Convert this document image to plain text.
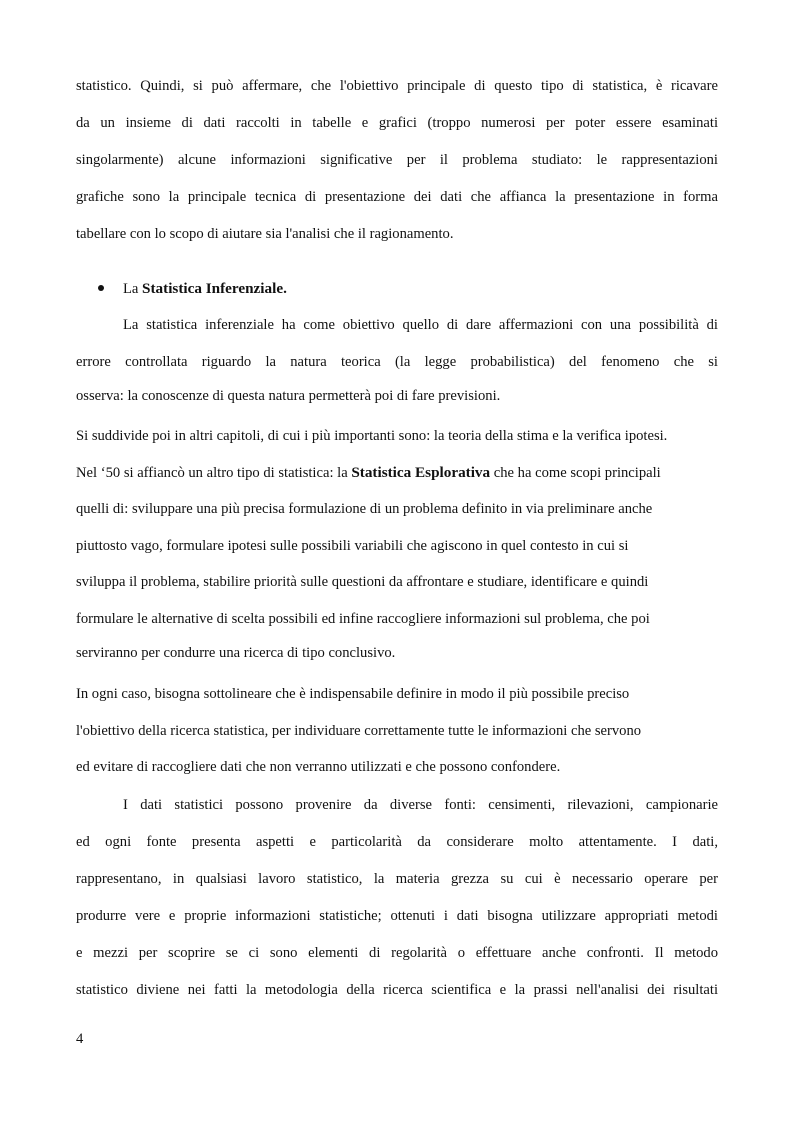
statistico. Quindi, si può affermare, che l'obiettivo principale di questo tipo di statistica, è ricavare
da un insieme di dati raccolti in tabelle e grafici (troppo numerosi per poter essere esaminati
singolarmente) alcune informazioni significative per il problema studiato: le rappresentazioni
grafiche sono la principale tecnica di presentazione dei dati che affianca la presentazione in forma
tabellare con lo scopo di aiutare sia l'analisi che il ragionamento.
La Statistica Inferenziale.
La statistica inferenziale ha come obiettivo quello di dare affermazioni con una possibilità di
errore controllata riguardo la natura teorica (la legge probabilistica) del fenomeno che si
osserva: la conoscenze di questa natura permetterà poi di fare previsioni.
Si suddivide poi in altri capitoli, di cui i più importanti sono: la teoria della stima e la verifica ipotesi.
Nel ‘50 si affiancò un altro tipo di statistica: la Statistica Esplorativa che ha come scopi principali
quelli di: sviluppare una più precisa formulazione di un problema definito in via preliminare anche
piuttosto vago, formulare ipotesi sulle possibili variabili che agiscono in quel contesto in cui si
sviluppa il problema, stabilire priorità sulle questioni da affrontare e studiare, identificare e quindi
formulare le alternative di scelta possibili ed infine raccogliere informazioni sul problema, che poi
serviranno per condurre una ricerca di tipo conclusivo.
In ogni caso, bisogna sottolineare che è indispensabile definire in modo il più possibile preciso
l'obiettivo della ricerca statistica, per individuare correttamente tutte le informazioni che servono
ed evitare di raccogliere dati che non verranno utilizzati e che possono confondere.
I dati statistici possono provenire da diverse fonti: censimenti, rilevazioni, campionarie
ed ogni fonte presenta aspetti e particolarità da considerare molto attentamente. I dati,
rappresentano, in qualsiasi lavoro statistico, la materia grezza su cui è necessario operare per
produrre vere e proprie informazioni statistiche; ottenuti i dati bisogna utilizzare appropriati metodi
e mezzi per scoprire se ci sono elementi di regolarità o effettuare anche confronti. Il metodo
statistico diviene nei fatti la metodologia della ricerca scientifica e la prassi nell'analisi dei risultati
4
